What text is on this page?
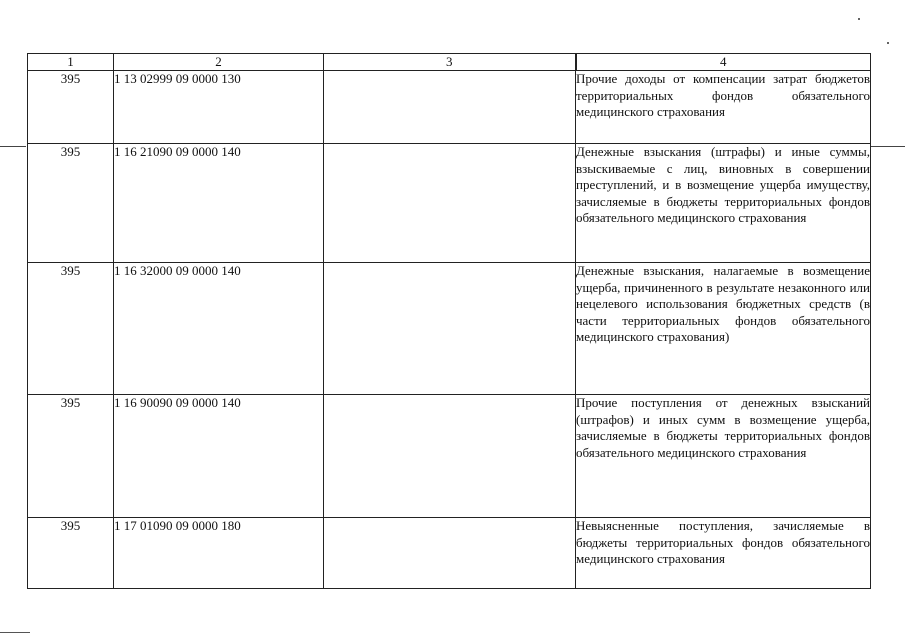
1	2	3	4
395	1 13 02999 09 0000 130		Прочие доходы от компенсации затрат бюджетов территориальных фондов обязательного медицинского страхования
395	1 16 21090 09 0000 140		Денежные взыскания (штрафы) и иные суммы, взыскиваемые с лиц, виновных в совершении преступлений, и в возмещение ущерба имуществу, зачисляемые в бюджеты территориальных фондов обязательного медицинского страхования
395	1 16 32000 09 0000 140		Денежные взыскания, налагаемые в возмещение ущерба, причиненного в результате незаконного или нецелевого использования бюджетных средств (в части территориальных фондов обязательного медицинского страхования)
395	1 16 90090 09 0000 140		Прочие поступления от денежных взысканий (штрафов) и иных сумм в возмещение ущерба, зачисляемые в бюджеты территориальных фондов обязательного медицинского страхования
395	1 17 01090 09 0000 180		Невыясненные поступления, зачисляемые в бюджеты территориальных фондов обязательного медицинского страхования
